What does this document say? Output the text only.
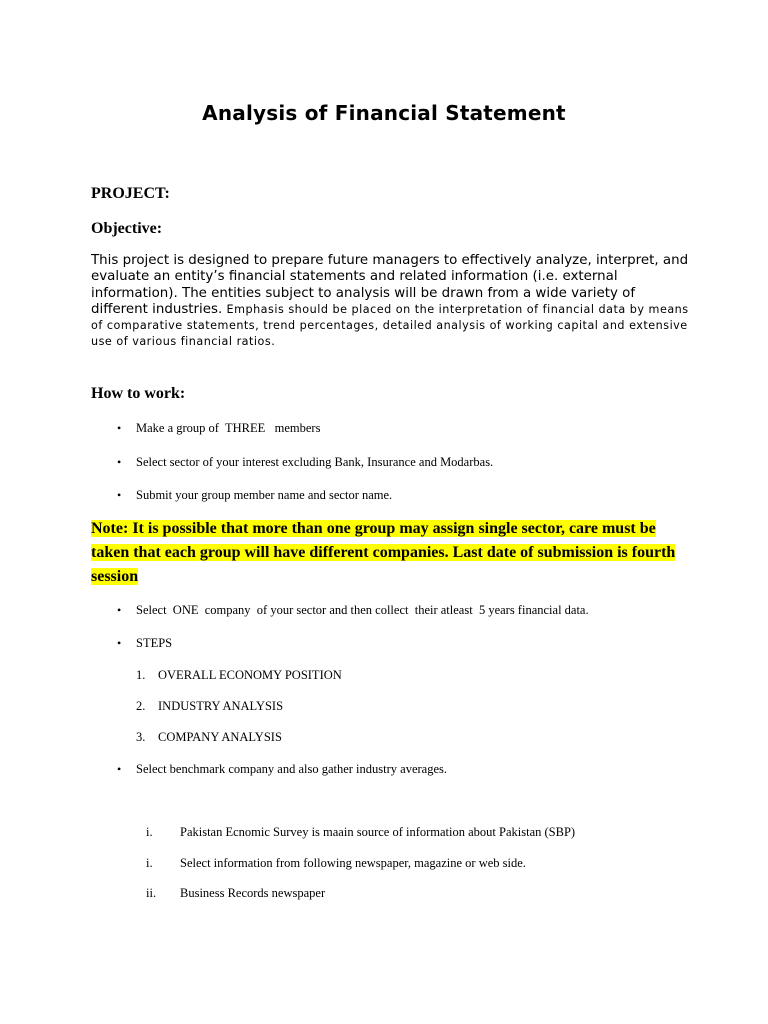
Analysis of Financial Statement

PROJECT:

Objective:

This project is designed to prepare future managers to effectively analyze, interpret, and evaluate an entity’s financial statements and related information (i.e. external information). The entities subject to analysis will be drawn from a wide variety of different industries. Emphasis should be placed on the interpretation of financial data by means of comparative statements, trend percentages, detailed analysis of working capital and extensive use of various financial ratios.

How to work:

•

Make a group of  THREE   members

•

Select sector of your interest excluding Bank, Insurance and Modarbas.

•

Submit your group member name and sector name.

Note: It is possible that more than one group may assign single sector, care must be taken that each group will have different companies. Last date of submission is fourth session

•

Select  ONE  company  of your sector and then collect  their atleast  5 years financial data.

•

STEPS

1.

OVERALL ECONOMY POSITION

2.

INDUSTRY ANALYSIS

3.

COMPANY ANALYSIS

•

Select benchmark company and also gather industry averages.

i.

Pakistan Ecnomic Survey is maain source of information about Pakistan (SBP)

i.

Select information from following newspaper, magazine or web side.

ii.

Business Records newspaper
